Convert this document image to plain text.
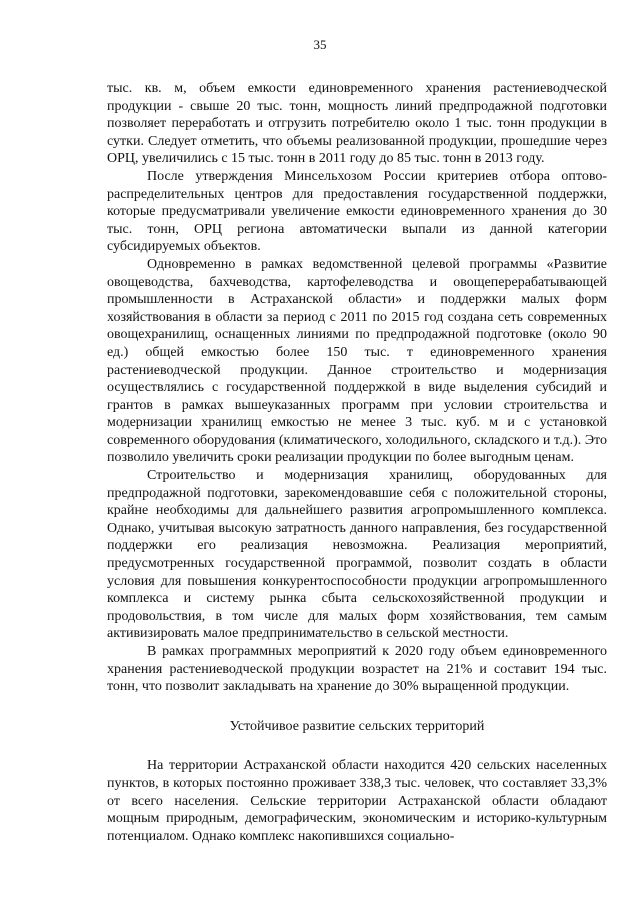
35

тыс. кв. м, объем емкости единовременного хранения растениеводческой продукции - свыше 20 тыс. тонн, мощность линий предпродажной подготовки позволяет переработать и отгрузить потребителю около 1 тыс. тонн продукции в сутки. Следует отметить, что объемы реализованной продукции, прошедшие через ОРЦ, увеличились с 15 тыс. тонн в 2011 году до 85 тыс. тонн в 2013 году.

После утверждения Минсельхозом России критериев отбора оптово-распределительных центров для предоставления государственной поддержки, которые предусматривали увеличение емкости единовременного хранения до 30 тыс. тонн, ОРЦ региона автоматически выпали из данной категории субсидируемых объектов.

Одновременно в рамках ведомственной целевой программы «Развитие овощеводства, бахчеводства, картофелеводства и овощеперерабатывающей промышленности в Астраханской области» и поддержки малых форм хозяйствования в области за период с 2011 по 2015 год создана сеть современных овощехранилищ, оснащенных линиями по предпродажной подготовке (около 90 ед.) общей емкостью более 150 тыс. т единовременного хранения растениеводческой продукции. Данное строительство и модернизация осуществлялись с государственной поддержкой в виде выделения субсидий и грантов в рамках вышеуказанных программ при условии строительства и модернизации хранилищ емкостью не менее 3 тыс. куб. м и с установкой современного оборудования (климатического, холодильного, складского и т.д.). Это позволило увеличить сроки реализации продукции по более выгодным ценам.

Строительство и модернизация хранилищ, оборудованных для предпродажной подготовки, зарекомендовавшие себя с положительной стороны, крайне необходимы для дальнейшего развития агропромышленного комплекса. Однако, учитывая высокую затратность данного направления, без государственной поддержки его реализация невозможна. Реализация мероприятий, предусмотренных государственной программой, позволит создать в области условия для повышения конкурентоспособности продукции агропромышленного комплекса и систему рынка сбыта сельскохозяйственной продукции и продовольствия, в том числе для малых форм хозяйствования, тем самым активизировать малое предпринимательство в сельской местности.

В рамках программных мероприятий к 2020 году объем единовременного хранения растениеводческой продукции возрастет на 21% и составит 194 тыс. тонн, что позволит закладывать на хранение до 30% выращенной продукции.

Устойчивое развитие сельских территорий

На территории Астраханской области находится 420 сельских населенных пунктов, в которых постоянно проживает 338,3 тыс. человек, что составляет 33,3% от всего населения. Сельские территории Астраханской области обладают мощным природным, демографическим, экономическим и историко-культурным потенциалом. Однако комплекс накопившихся социально-
